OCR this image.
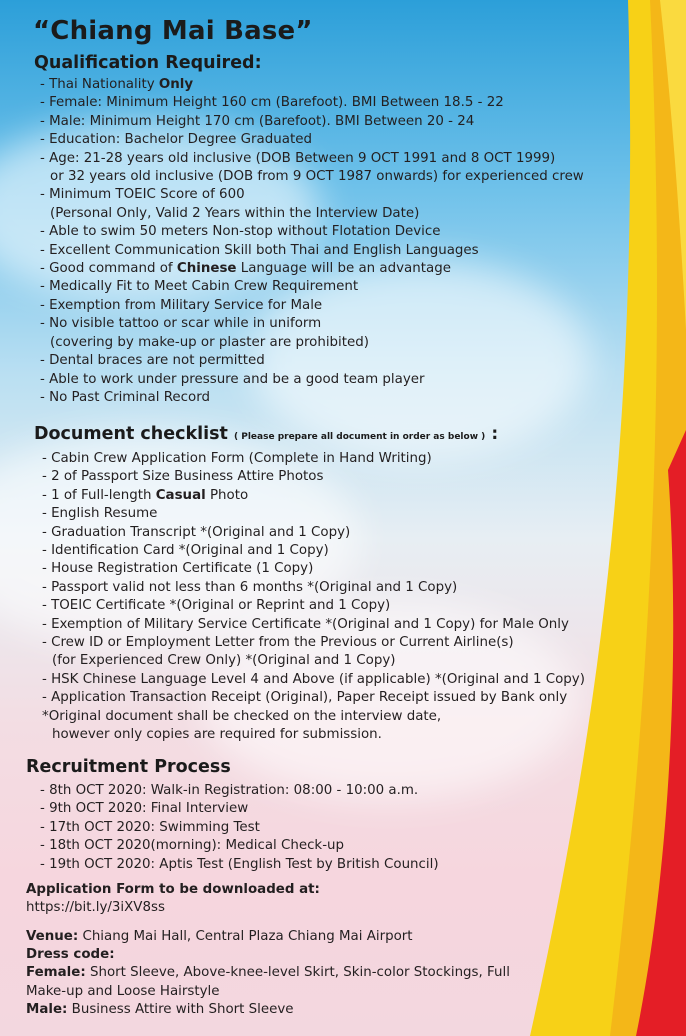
“Chiang Mai Base”
Qualification Required:
- Thai Nationality Only
- Female: Minimum Height 160 cm (Barefoot). BMI Between 18.5 - 22
- Male: Minimum Height 170 cm (Barefoot). BMI Between 20 - 24
- Education: Bachelor Degree Graduated
- Age: 21-28 years old inclusive (DOB Between 9 OCT 1991 and 8 OCT 1999)
or 32 years old inclusive (DOB from 9 OCT 1987 onwards) for experienced crew
- Minimum TOEIC Score of 600
(Personal Only, Valid 2 Years within the Interview Date)
- Able to swim 50 meters Non-stop without Flotation Device
- Excellent Communication Skill both Thai and English Languages
- Good command of Chinese Language will be an advantage
- Medically Fit to Meet Cabin Crew Requirement
- Exemption from Military Service for Male
- No visible tattoo or scar while in uniform
(covering by make-up or plaster are prohibited)
- Dental braces are not permitted
- Able to work under pressure and be a good team player
- No Past Criminal Record
Document checklist ( Please prepare all document in order as below ) :
- Cabin Crew Application Form (Complete in Hand Writing)
- 2 of Passport Size Business Attire Photos
- 1 of Full-length Casual Photo
- English Resume
- Graduation Transcript *(Original and 1 Copy)
- Identification Card *(Original and 1 Copy)
- House Registration Certificate (1 Copy)
- Passport valid not less than 6 months *(Original and 1 Copy)
- TOEIC Certificate *(Original or Reprint and 1 Copy)
- Exemption of Military Service Certificate *(Original and 1 Copy) for Male Only
- Crew ID or Employment Letter from the Previous or Current Airline(s)
(for Experienced Crew Only) *(Original and 1 Copy)
- HSK Chinese Language Level 4 and Above (if applicable) *(Original and 1 Copy)
- Application Transaction Receipt (Original), Paper Receipt issued by Bank only
*Original document shall be checked on the interview date,
however only copies are required for submission.
Recruitment Process
- 8th OCT 2020: Walk-in Registration: 08:00 - 10:00 a.m.
- 9th OCT 2020: Final Interview
- 17th OCT 2020: Swimming Test
- 18th OCT 2020(morning): Medical Check-up
- 19th OCT 2020: Aptis Test (English Test by British Council)
Application Form to be downloaded at:
https://bit.ly/3iXV8ss
Venue: Chiang Mai Hall, Central Plaza Chiang Mai Airport
Dress code:
Female: Short Sleeve, Above-knee-level Skirt, Skin-color Stockings, Full
Make-up and Loose Hairstyle
Male: Business Attire with Short Sleeve
